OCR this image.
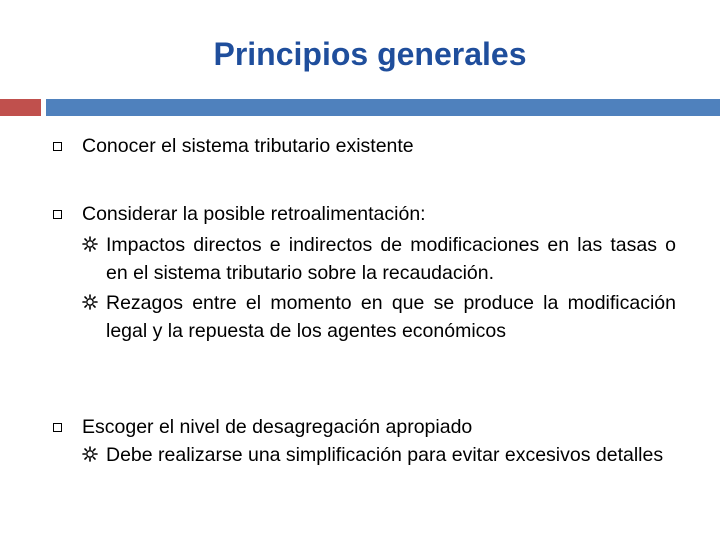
Principios generales
Conocer el sistema tributario existente
Considerar la posible retroalimentación:
Impactos directos e indirectos de modificaciones en las tasas o en el sistema tributario sobre la recaudación.
Rezagos entre el momento en que se produce la modificación legal y la repuesta de los agentes económicos
Escoger el nivel de desagregación apropiado
Debe realizarse una simplificación para evitar excesivos detalles
